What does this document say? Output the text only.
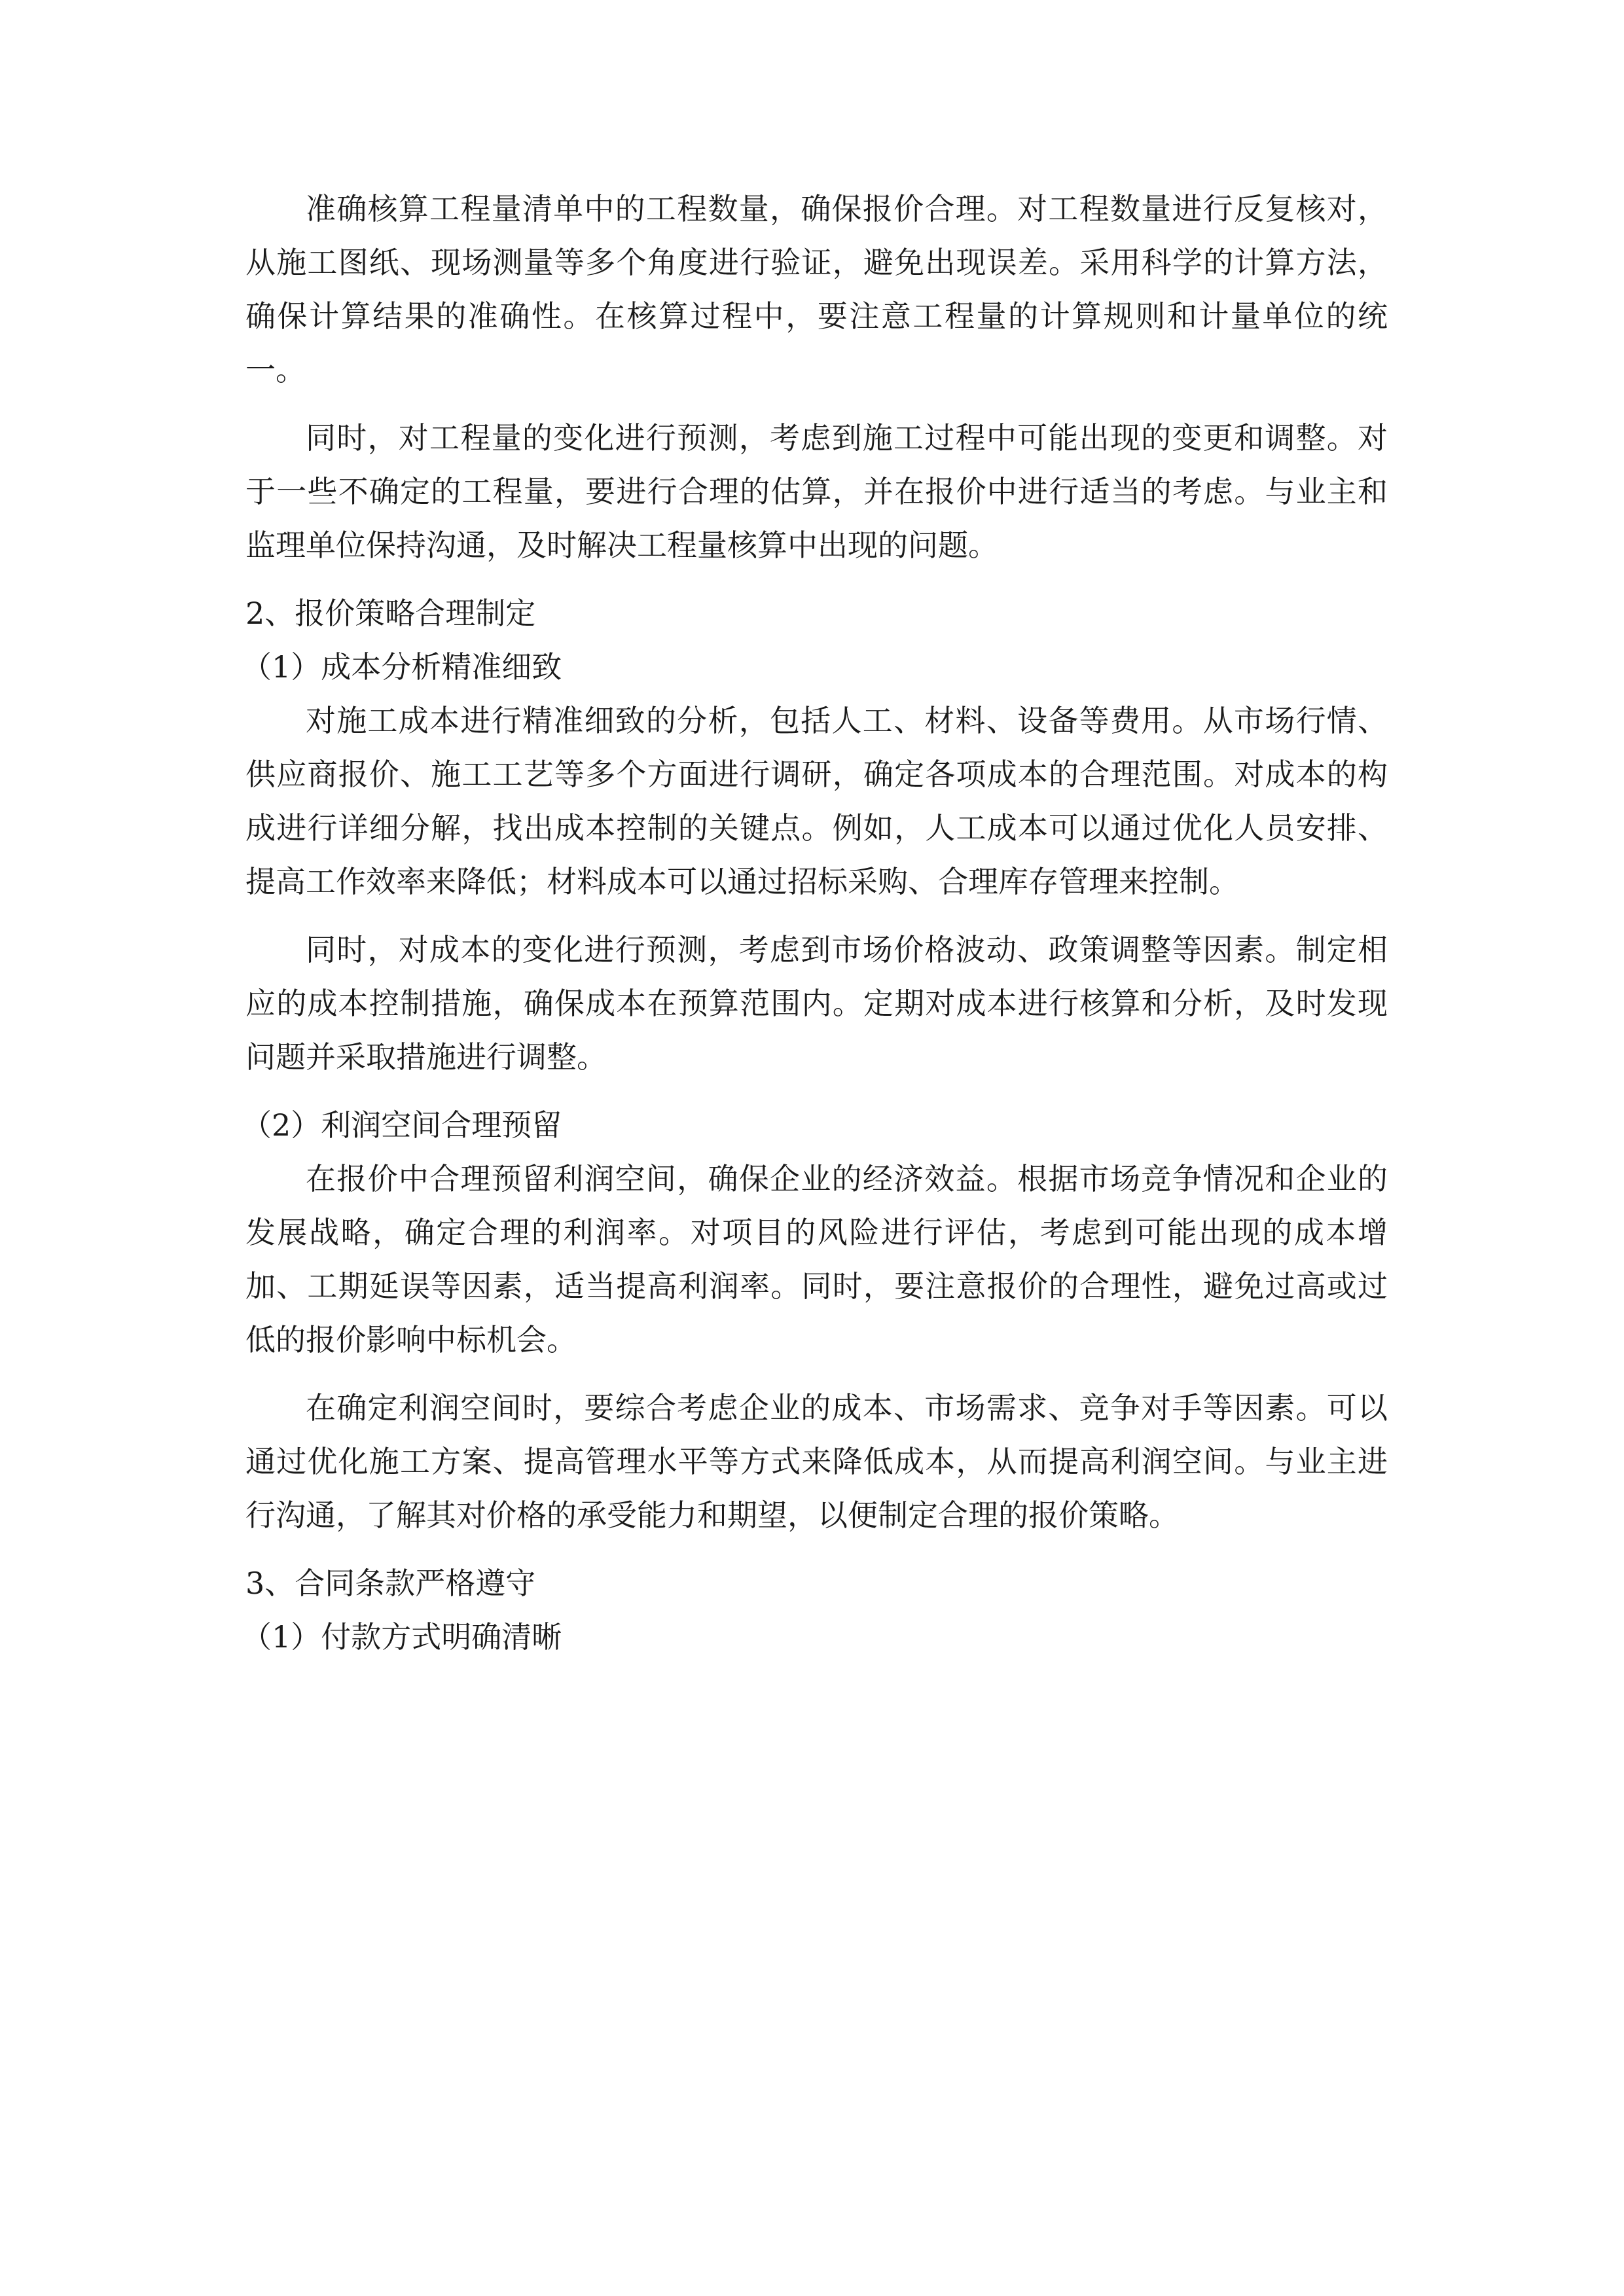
准确核算工程量清单中的工程数量，确保报价合理。对工程数量进行反复核对，从施工图纸、现场测量等多个角度进行验证，避免出现误差。采用科学的计算方法，确保计算结果的准确性。在核算过程中，要注意工程量的计算规则和计量单位的统一。

同时，对工程量的变化进行预测，考虑到施工过程中可能出现的变更和调整。对于一些不确定的工程量，要进行合理的估算，并在报价中进行适当的考虑。与业主和监理单位保持沟通，及时解决工程量核算中出现的问题。

2、报价策略合理制定

（1）成本分析精准细致

对施工成本进行精准细致的分析，包括人工、材料、设备等费用。从市场行情、供应商报价、施工工艺等多个方面进行调研，确定各项成本的合理范围。对成本的构成进行详细分解，找出成本控制的关键点。例如，人工成本可以通过优化人员安排、提高工作效率来降低；材料成本可以通过招标采购、合理库存管理来控制。

同时，对成本的变化进行预测，考虑到市场价格波动、政策调整等因素。制定相应的成本控制措施，确保成本在预算范围内。定期对成本进行核算和分析，及时发现问题并采取措施进行调整。

（2）利润空间合理预留

在报价中合理预留利润空间，确保企业的经济效益。根据市场竞争情况和企业的发展战略，确定合理的利润率。对项目的风险进行评估，考虑到可能出现的成本增加、工期延误等因素，适当提高利润率。同时，要注意报价的合理性，避免过高或过低的报价影响中标机会。

在确定利润空间时，要综合考虑企业的成本、市场需求、竞争对手等因素。可以通过优化施工方案、提高管理水平等方式来降低成本，从而提高利润空间。与业主进行沟通，了解其对价格的承受能力和期望，以便制定合理的报价策略。

3、合同条款严格遵守

（1）付款方式明确清晰
